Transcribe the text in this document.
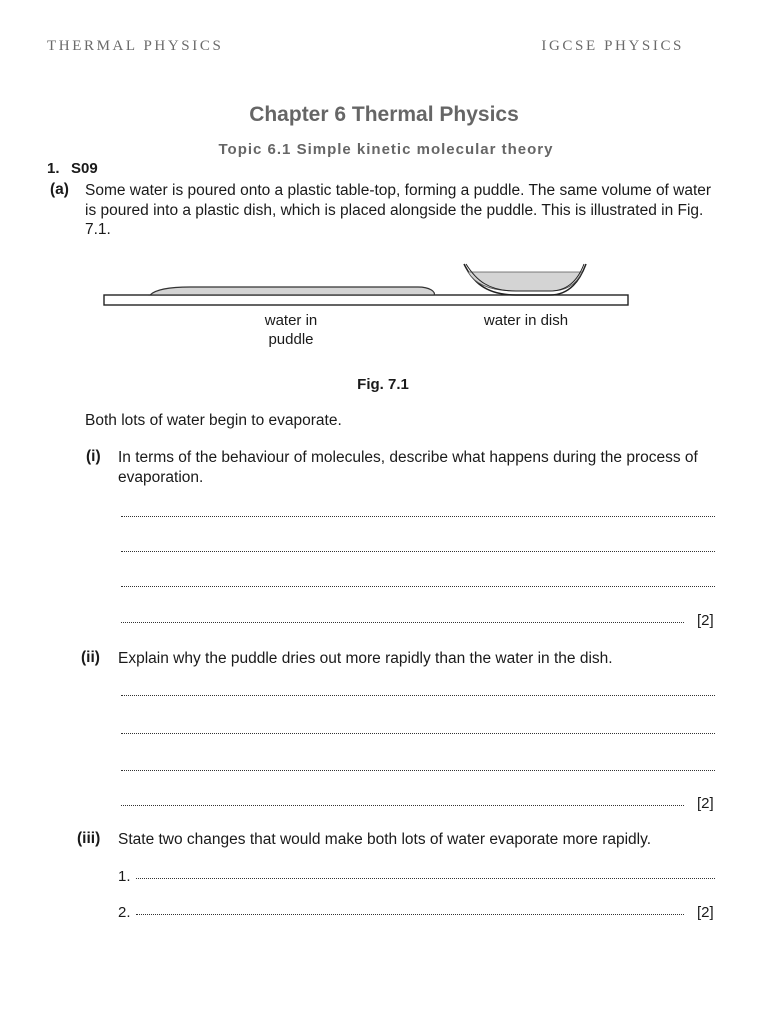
THERMAL PHYSICS	IGCSE PHYSICS
Chapter 6 Thermal Physics
Topic 6.1 Simple kinetic molecular theory
1. S09
(a) Some water is poured onto a plastic table-top, forming a puddle. The same volume of water is poured into a plastic dish, which is placed alongside the puddle. This is illustrated in Fig. 7.1.
water in puddle
water in dish
Fig. 7.1
Both lots of water begin to evaporate.
(i) In terms of the behaviour of molecules, describe what happens during the process of evaporation.
[2]
(ii) Explain why the puddle dries out more rapidly than the water in the dish.
[2]
(iii) State two changes that would make both lots of water evaporate more rapidly.
1.
2.	[2]
